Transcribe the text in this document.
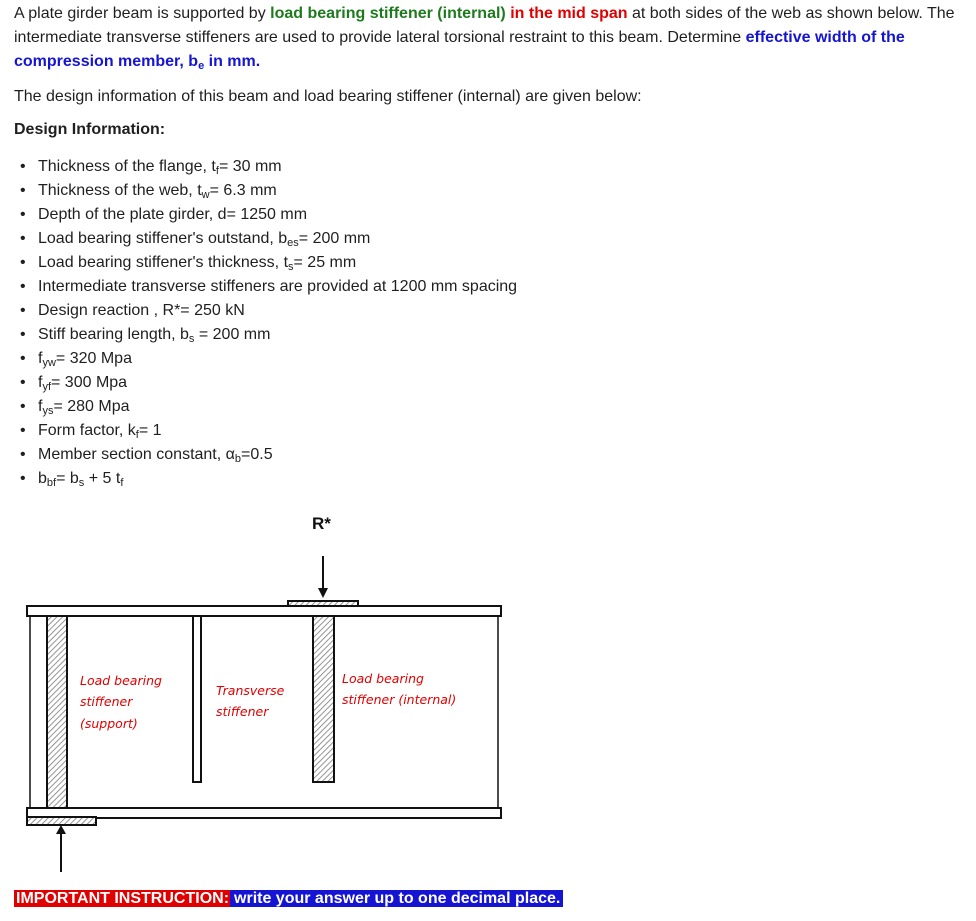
A plate girder beam is supported by load bearing stiffener (internal) in the mid span at both sides of the web as shown below. The intermediate transverse stiffeners are used to provide lateral torsional restraint to this beam. Determine effective width of the compression member, $b_e$ in mm.

The design information of this beam and load bearing stiffener (internal) are given below:

Design Information:

• Thickness of the flange, $t_f= 30$ mm
• Thickness of the web, $t_w= 6.3$ mm
• Depth of the plate girder, d= 1250 mm
• Load bearing stiffener's outstand, $b_{es}= 200$ mm
• Load bearing stiffener's thickness, $t_s= 25$ mm
• Intermediate transverse stiffeners are provided at 1200 mm spacing
• Design reaction , R*= 250 kN
• Stiff bearing length, $b_s = 200$ mm
• $f_{yw}= 320$ Mpa
• $f_{yf}= 300$ Mpa
• $f_{ys}= 280$ Mpa
• Form factor, $k_f= 1$
• Member section constant, $\alpha_b=0.5$
• $b_{bf}= b_s + 5$ $t_f$
R*
Load bearing
stiffener
(support)
Transverse
stiffener
Load bearing
stiffener (internal)
IMPORTANT INSTRUCTION: write your answer up to one decimal place.
